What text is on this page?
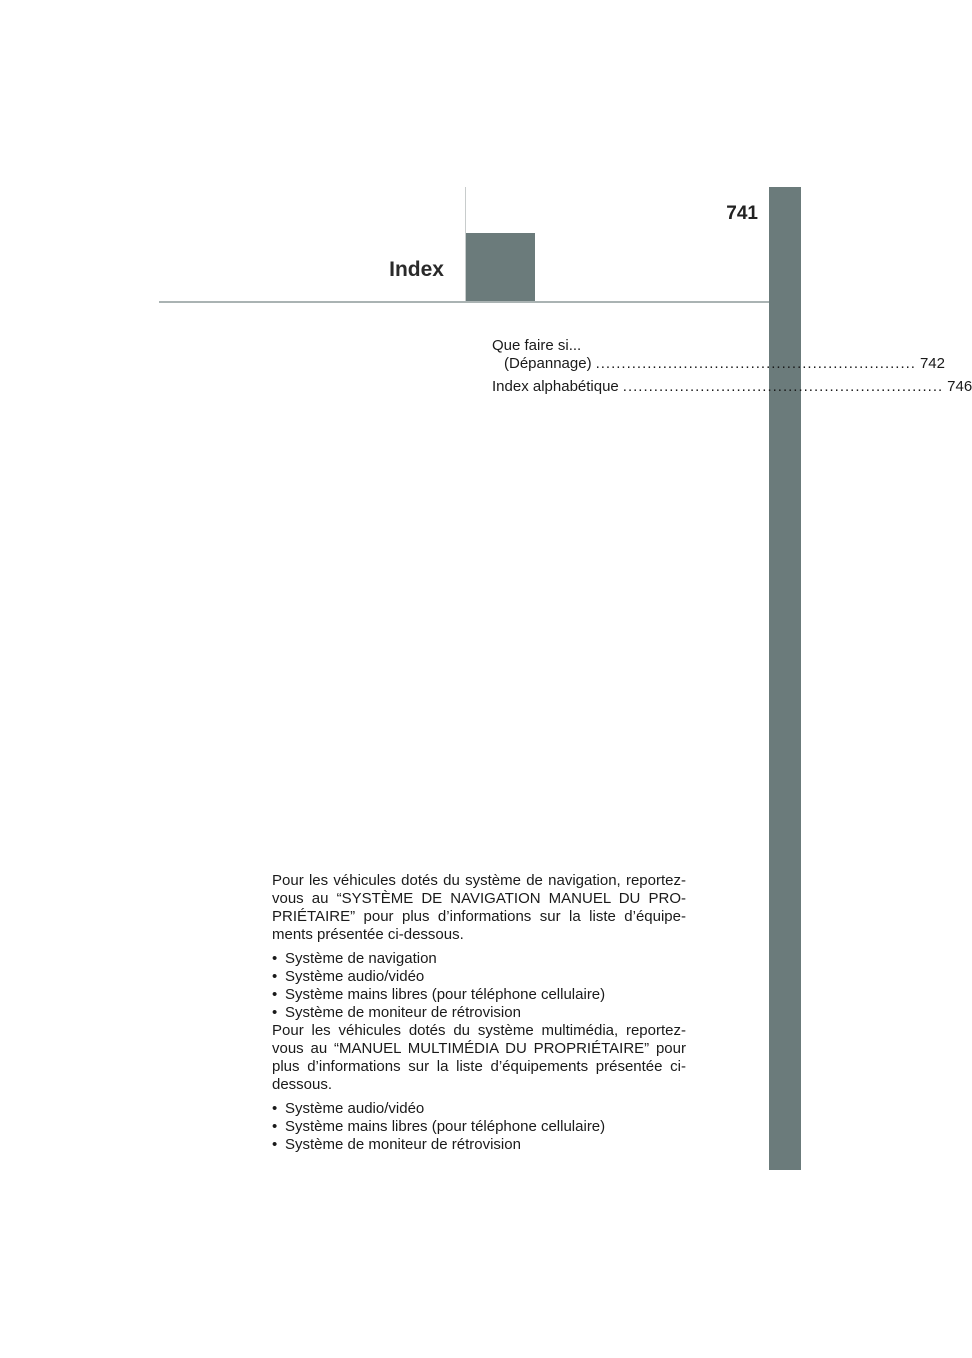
741
Index
Que faire si...
(Dépannage) .............................................................. 742
Index alphabétique .............................................................. 746

Pour les véhicules dotés du système de navigation, reportez-vous au “SYSTÈME DE NAVIGATION MANUEL DU PRO-PRIÉTAIRE” pour plus d’informations sur la liste d’équipe-ments présentée ci-dessous.

• Système de navigation
• Système audio/vidéo
• Système mains libres (pour téléphone cellulaire)
• Système de moniteur de rétrovision

Pour les véhicules dotés du système multimédia, reportez-vous au “MANUEL MULTIMÉDIA DU PROPRIÉTAIRE” pour plus d’informations sur la liste d’équipements présentée ci-dessous.

• Système audio/vidéo
• Système mains libres (pour téléphone cellulaire)
• Système de moniteur de rétrovision
